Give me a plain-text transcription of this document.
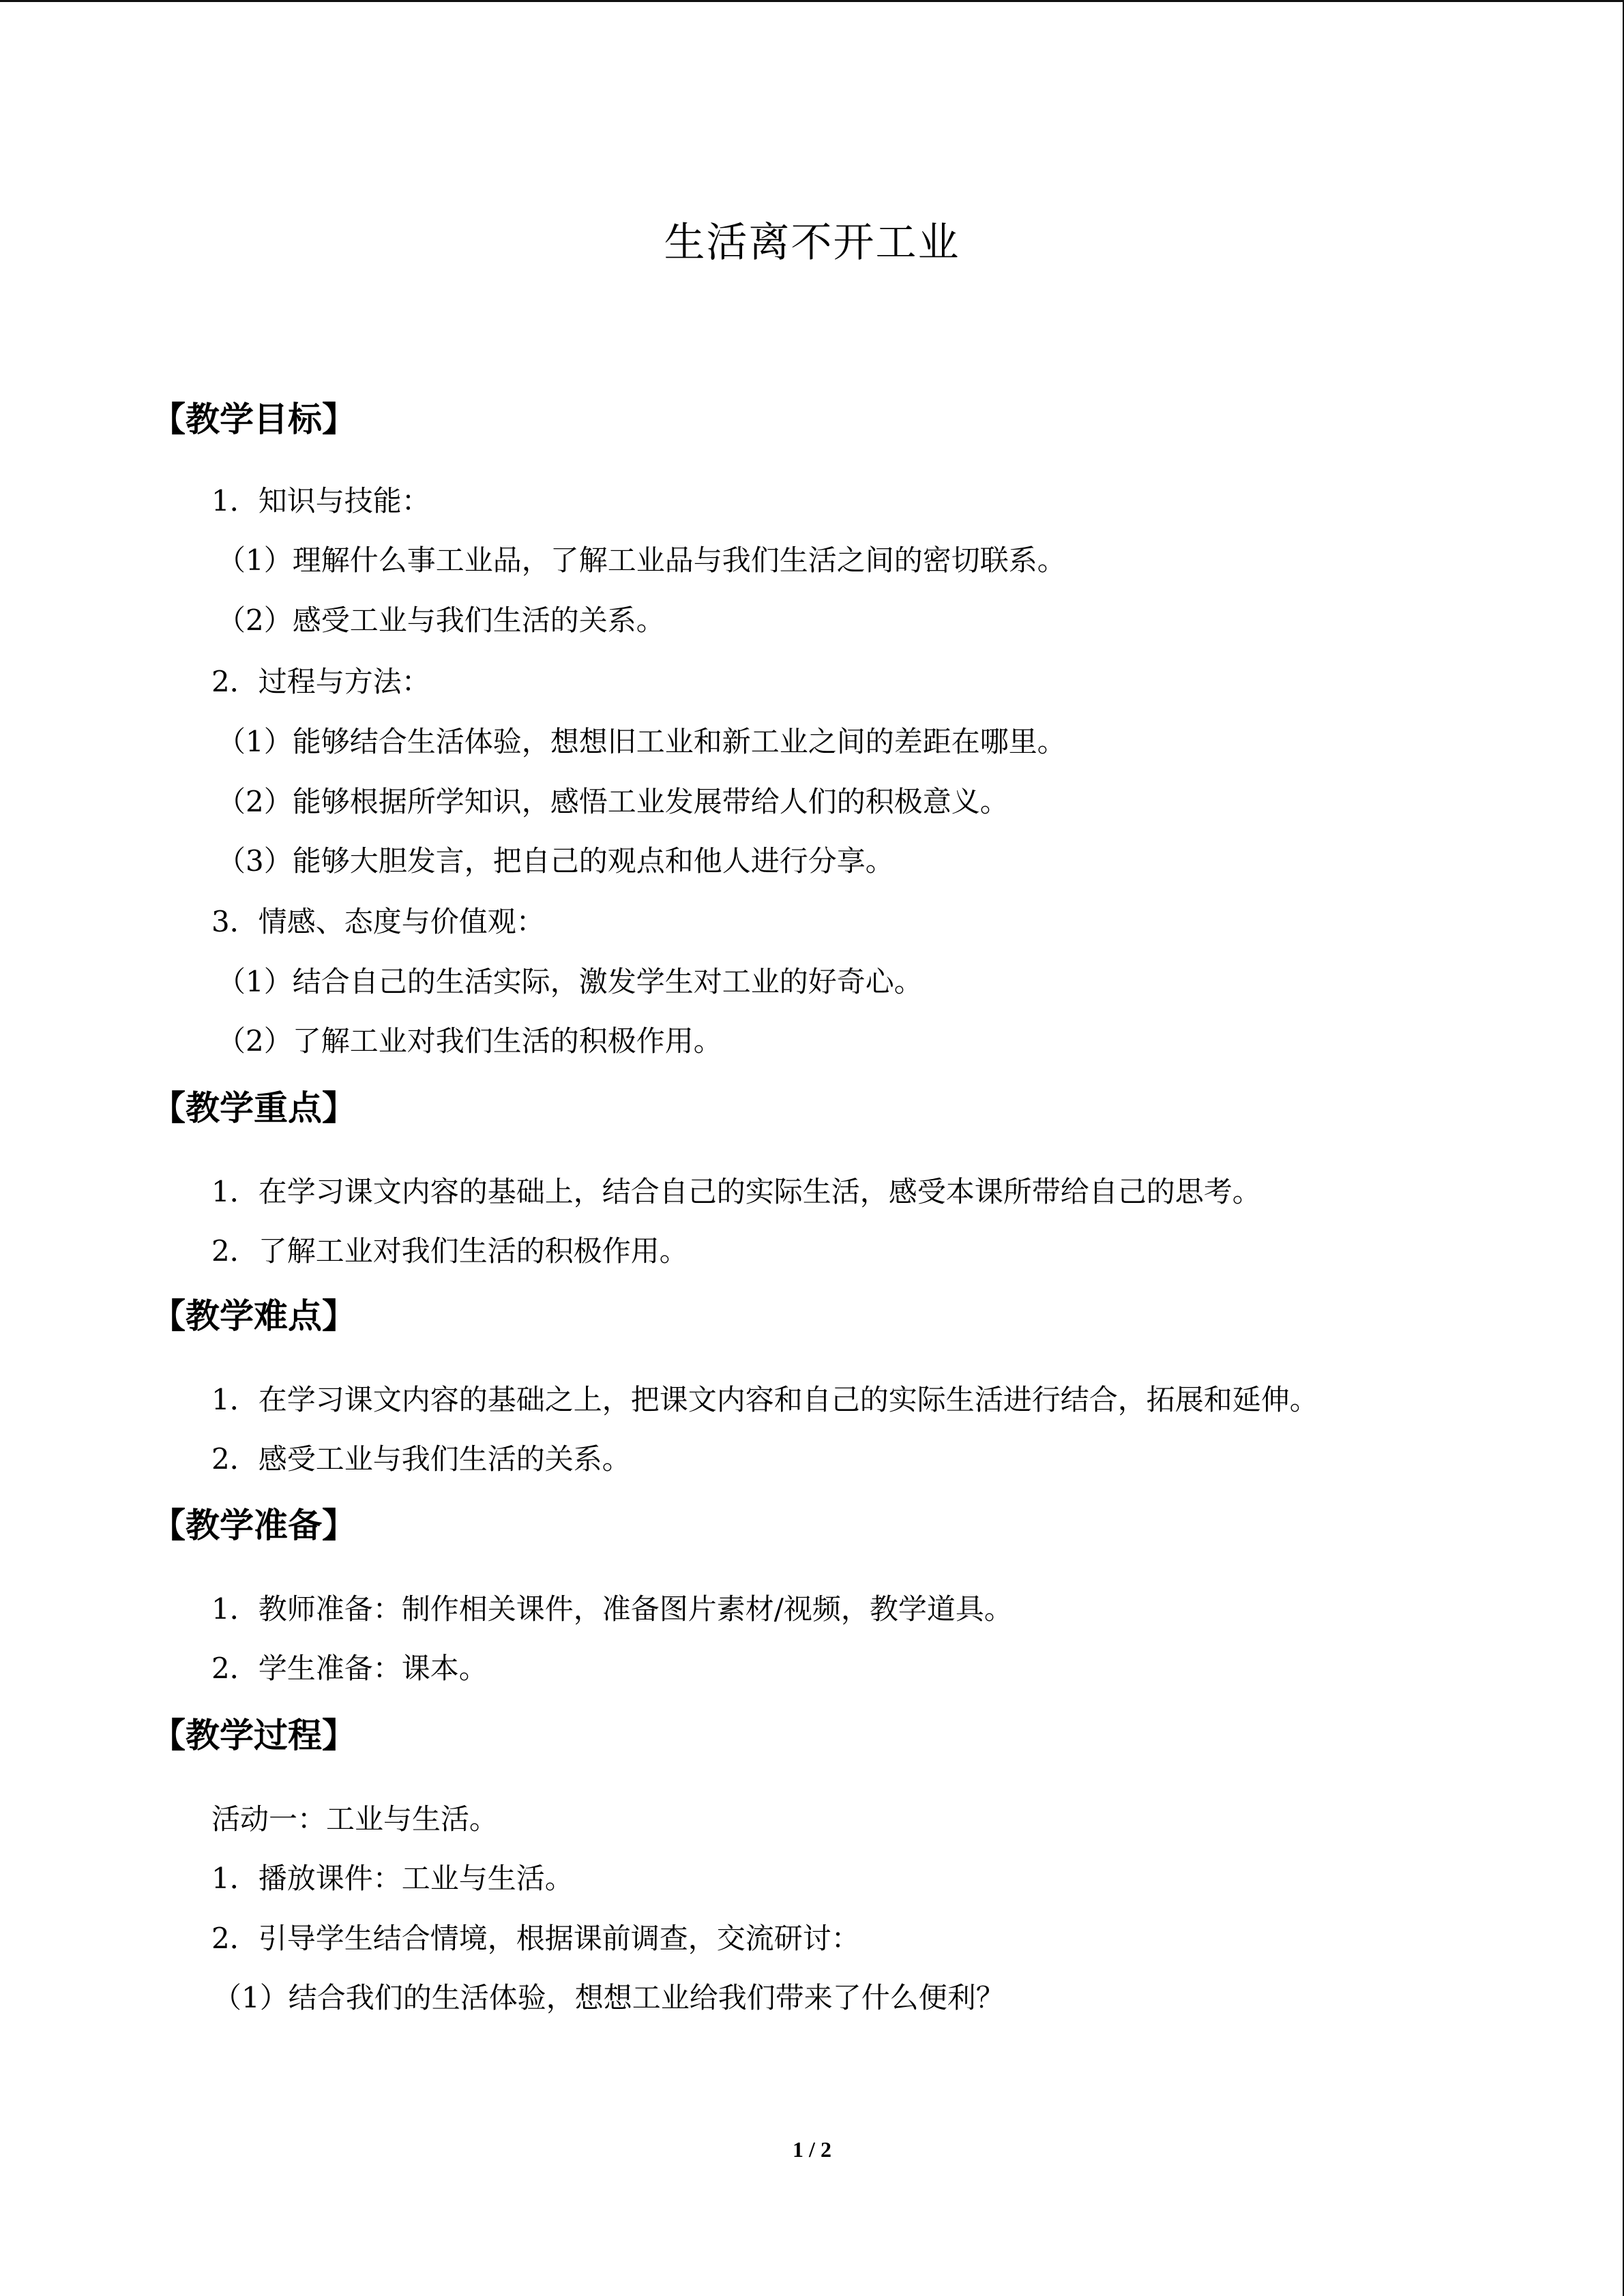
生活离不开工业
【教学目标】
1．知识与技能：
（1）理解什么事工业品，了解工业品与我们生活之间的密切联系。
（2）感受工业与我们生活的关系。
2．过程与方法：
（1）能够结合生活体验，想想旧工业和新工业之间的差距在哪里。
（2）能够根据所学知识，感悟工业发展带给人们的积极意义。
（3）能够大胆发言，把自己的观点和他人进行分享。
3．情感、态度与价值观：
（1）结合自己的生活实际，激发学生对工业的好奇心。
（2）了解工业对我们生活的积极作用。
【教学重点】
1．在学习课文内容的基础上，结合自己的实际生活，感受本课所带给自己的思考。
2．了解工业对我们生活的积极作用。
【教学难点】
1．在学习课文内容的基础之上，把课文内容和自己的实际生活进行结合，拓展和延伸。
2．感受工业与我们生活的关系。
【教学准备】
1．教师准备：制作相关课件，准备图片素材/视频，教学道具。
2．学生准备：课本。
【教学过程】
活动一：工业与生活。
1．播放课件：工业与生活。
2．引导学生结合情境，根据课前调查，交流研讨：
（1）结合我们的生活体验，想想工业给我们带来了什么便利？
1 / 2
